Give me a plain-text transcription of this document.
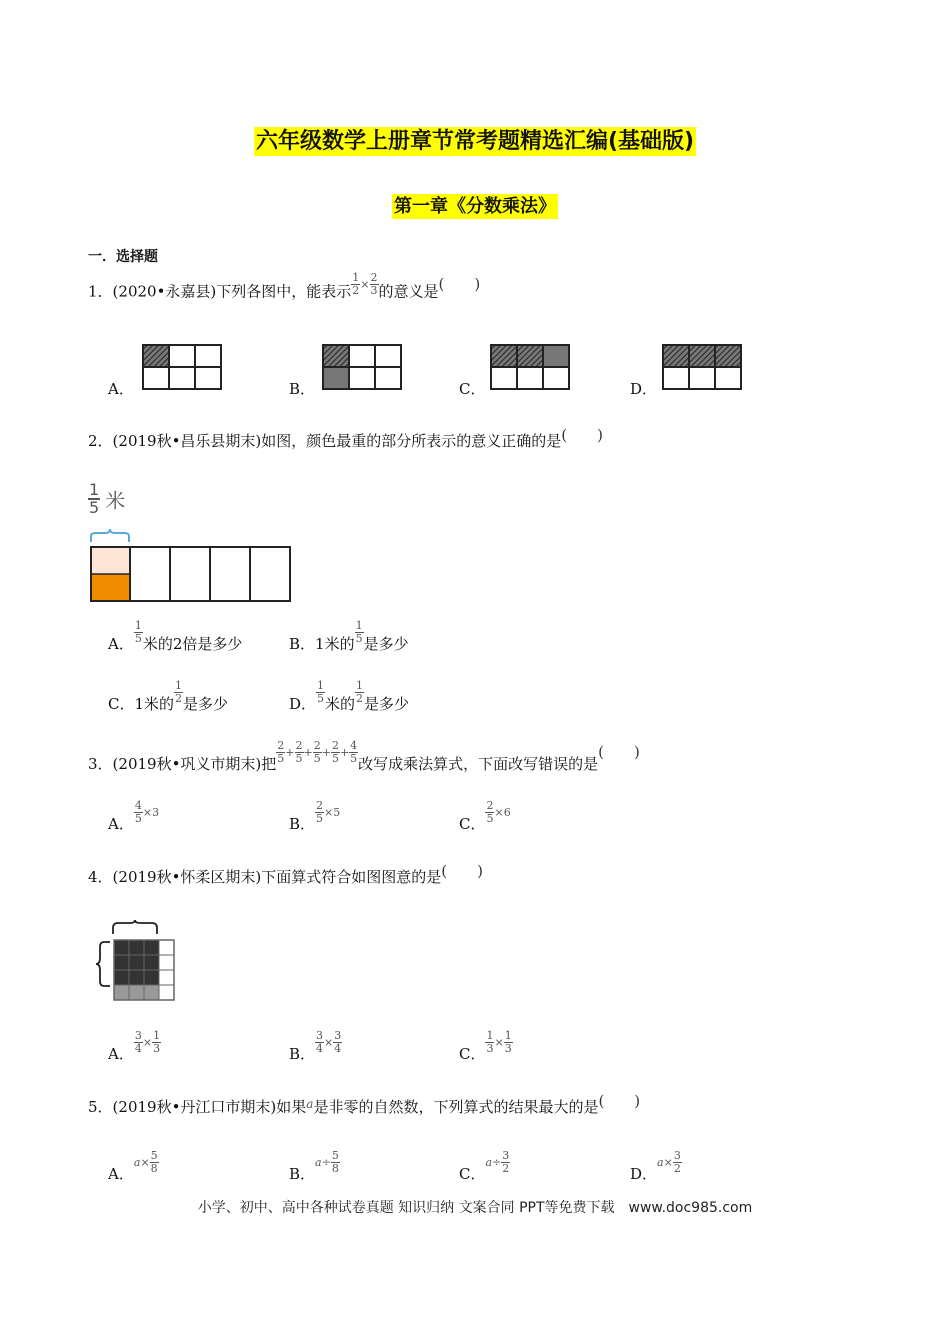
六年级数学上册章节常考题精选汇编(基础版)
第一章《分数乘法》
一．选择题
1．(2020•永嘉县)下列各图中，能表示 $\frac{1}{2} \times \frac{2}{3}$ 的意义是(　　)
A．	B．	C．	D．
2．(2019秋•昌乐县期末)如图，颜色最重的部分所表示的意义正确的是(　　)
$\frac{1}{5}$ 米
A． $\frac{1}{5}$ 米的2倍是多少	B．1米的 $\frac{1}{5}$ 是多少
C．1米的 $\frac{1}{2}$ 是多少	D． $\frac{1}{5}$ 米的 $\frac{1}{2}$ 是多少
3．(2019秋•巩义市期末)把 $\frac{2}{5} + \frac{2}{5} + \frac{2}{5} + \frac{2}{5} + \frac{4}{5}$ 改写成乘法算式，下面改写错误的是(　　)
A． $\frac{4}{5} \times 3$
B． $\frac{2}{5} \times 5$
C． $\frac{2}{5} \times 6$
4．(2019秋•怀柔区期末)下面算式符合如图图意的是(　　)
A． $\frac{3}{4} \times \frac{1}{3}$	B． $\frac{3}{4} \times \frac{3}{4}$	C． $\frac{1}{3} \times \frac{1}{3}$
5．(2019秋•丹江口市期末)如果$^a$是非零的自然数，下列算式的结果最大的是(　　)
A．$a\times \frac{5}{8}$	B．$a\div \frac{5}{8}$	C．$a\div \frac{3}{2}$	D．$a\times \frac{3}{2}$
小学、初中、高中各种试卷真题 知识归纳 文案合同 PPT等免费下载　www.doc985.com
